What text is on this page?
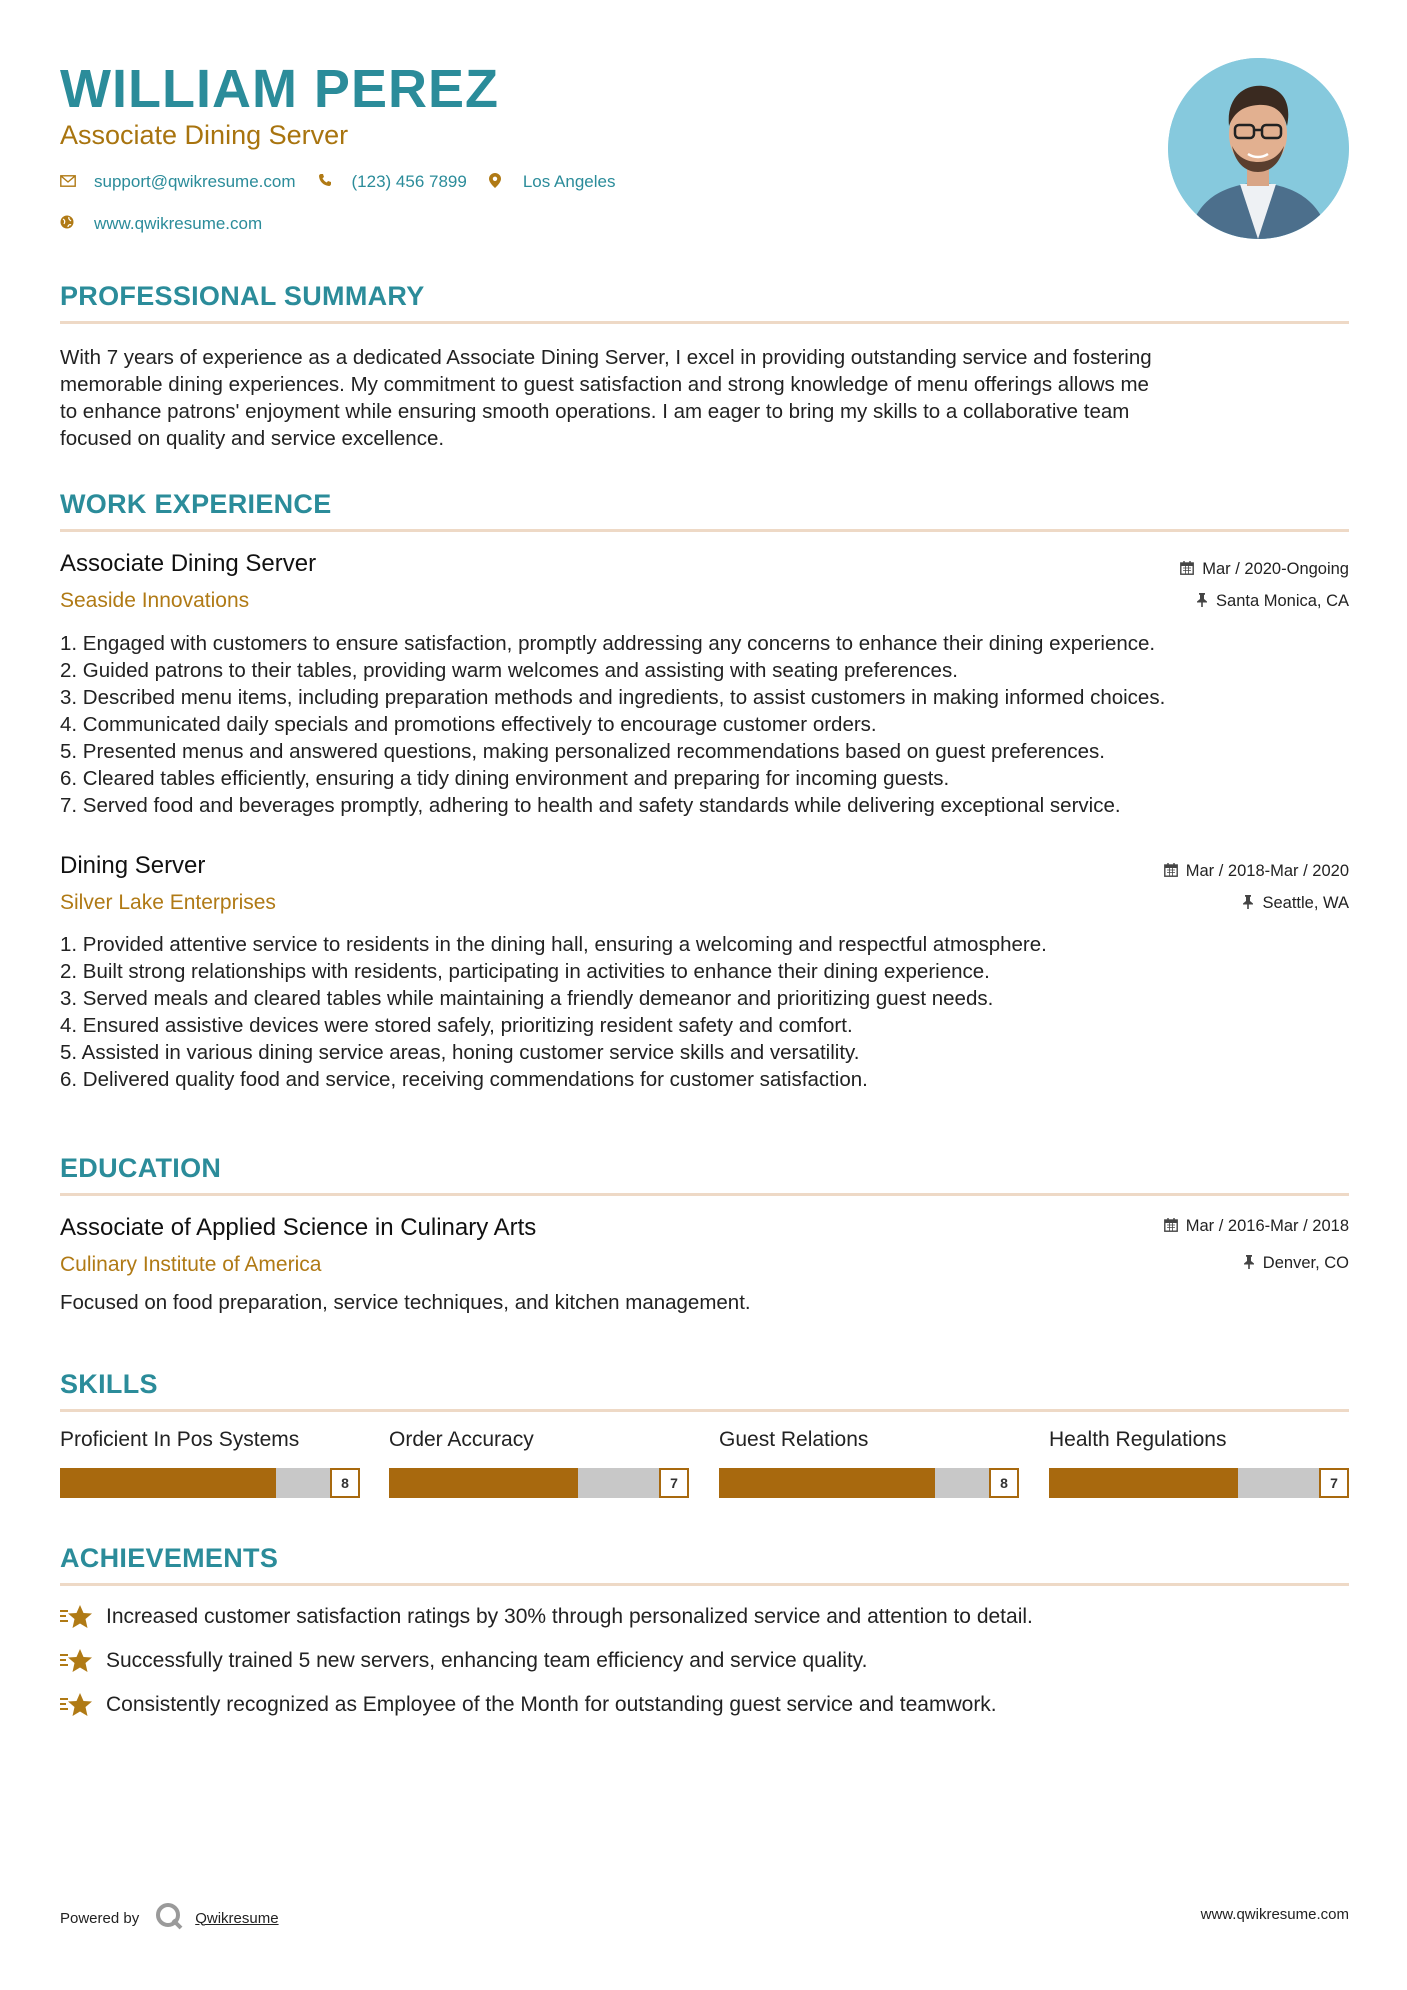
WILLIAM PEREZ
Associate Dining Server
support@qwikresume.com	(123) 456 7899	Los Angeles
www.qwikresume.com
PROFESSIONAL SUMMARY
With 7 years of experience as a dedicated Associate Dining Server, I excel in providing outstanding service and fostering
memorable dining experiences. My commitment to guest satisfaction and strong knowledge of menu offerings allows me
to enhance patrons' enjoyment while ensuring smooth operations. I am eager to bring my skills to a collaborative team
focused on quality and service excellence.
WORK EXPERIENCE
Associate Dining Server
Seaside Innovations
Mar / 2020-Ongoing
Santa Monica, CA
1. Engaged with customers to ensure satisfaction, promptly addressing any concerns to enhance their dining experience.
2. Guided patrons to their tables, providing warm welcomes and assisting with seating preferences.
3. Described menu items, including preparation methods and ingredients, to assist customers in making informed choices.
4. Communicated daily specials and promotions effectively to encourage customer orders.
5. Presented menus and answered questions, making personalized recommendations based on guest preferences.
6. Cleared tables efficiently, ensuring a tidy dining environment and preparing for incoming guests.
7. Served food and beverages promptly, adhering to health and safety standards while delivering exceptional service.
Dining Server
Silver Lake Enterprises
Mar / 2018-Mar / 2020
Seattle, WA
1. Provided attentive service to residents in the dining hall, ensuring a welcoming and respectful atmosphere.
2. Built strong relationships with residents, participating in activities to enhance their dining experience.
3. Served meals and cleared tables while maintaining a friendly demeanor and prioritizing guest needs.
4. Ensured assistive devices were stored safely, prioritizing resident safety and comfort.
5. Assisted in various dining service areas, honing customer service skills and versatility.
6. Delivered quality food and service, receiving commendations for customer satisfaction.
EDUCATION
Associate of Applied Science in Culinary Arts
Culinary Institute of America
Mar / 2016-Mar / 2018
Denver, CO
Focused on food preparation, service techniques, and kitchen management.
SKILLS
Proficient In Pos Systems
8
Order Accuracy
7
Guest Relations
8
Health Regulations
7
ACHIEVEMENTS
Increased customer satisfaction ratings by 30% through personalized service and attention to detail.
Successfully trained 5 new servers, enhancing team efficiency and service quality.
Consistently recognized as Employee of the Month for outstanding guest service and teamwork.
Powered by	Qwikresume	www.qwikresume.com
